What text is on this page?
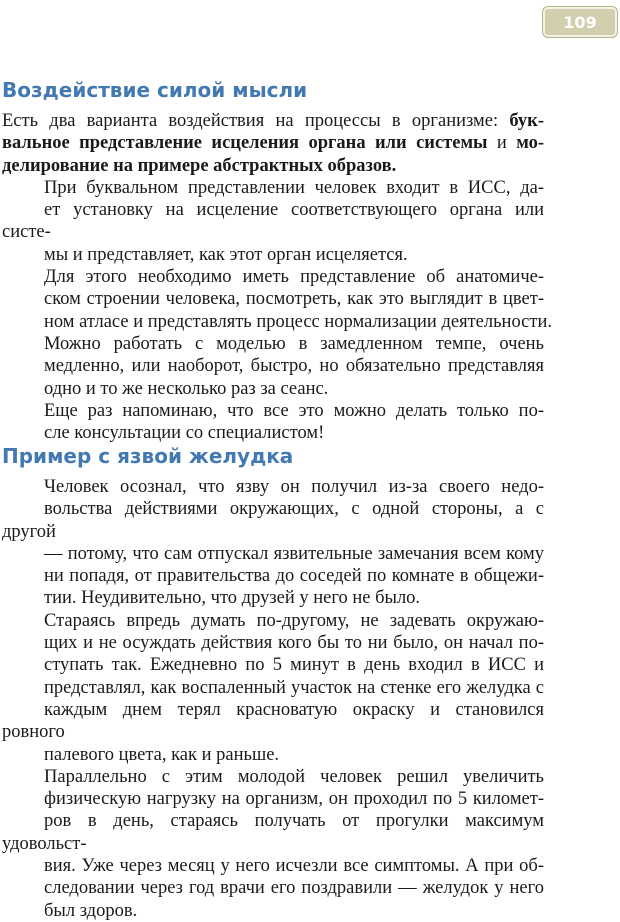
109
Воздействие силой мысли

Есть два варианта воздействия на процессы в организме: бук-
вальное представление исцеления органа или системы и мо-
делирование на примере абстрактных образов.

При буквальном представлении человек входит в ИСС, да-
ет установку на исцеление соответствующего органа или систе-
мы и представляет, как этот орган исцеляется.

Для этого необходимо иметь представление об анатомиче-
ском строении человека, посмотреть, как это выглядит в цвет-
ном атласе и представлять процесс нормализации деятельности.

Можно работать с моделью в замедленном темпе, очень
медленно, или наоборот, быстро, но обязательно представляя
одно и то же несколько раз за сеанс.

Еще раз напоминаю, что все это можно делать только по-
сле консультации со специалистом!

Пример с язвой желудка

Человек осознал, что язву он получил из-за своего недо-
вольства действиями окружающих, с одной стороны, а с другой
— потому, что сам отпускал язвительные замечания всем кому
ни попадя, от правительства до соседей по комнате в общежи-
тии. Неудивительно, что друзей у него не было.

Стараясь впредь думать по-другому, не задевать окружаю-
щих и не осуждать действия кого бы то ни было, он начал по-
ступать так. Ежедневно по 5 минут в день входил в ИСС и
представлял, как воспаленный участок на стенке его желудка с
каждым днем терял красноватую окраску и становился ровного
палевого цвета, как и раньше.

Параллельно с этим молодой человек решил увеличить
физическую нагрузку на организм, он проходил по 5 километ-
ров в день, стараясь получать от прогулки максимум удовольст-
вия. Уже через месяц у него исчезли все симптомы. А при об-
следовании через год врачи его поздравили — желудок у него
был здоров.
